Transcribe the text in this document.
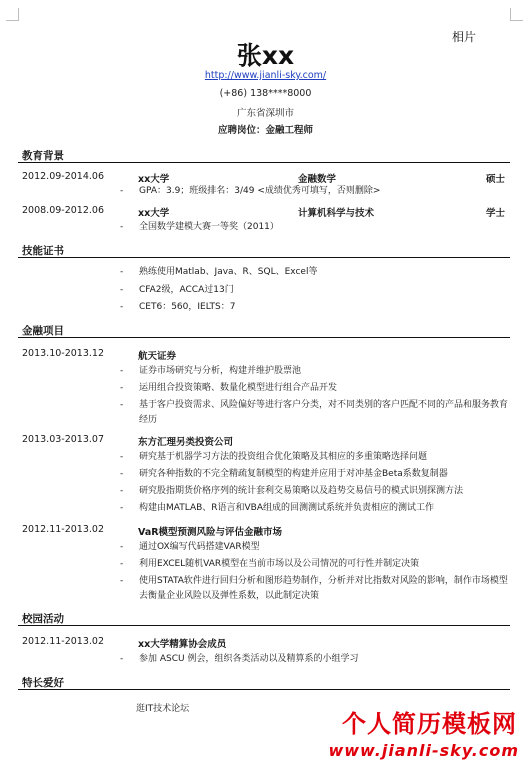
相片
张xx
http://www.jianli-sky.com/
(+86) 138****8000
广东省深圳市
应聘岗位：金融工程师
教育背景
2012.09-2014.06	xx大学	金融数学	硕士
-	GPA：3.9；班级排名：3/49 <成绩优秀可填写，否则删除>
2008.09-2012.06	xx大学	计算机科学与技术	学士
-	全国数学建模大赛一等奖（2011）
技能证书
-	熟练使用Matlab、Java、R、SQL、Excel等
-	CFA2级，ACCA过13门
-	CET6：560，IELTS：7
金融项目
2013.10-2013.12	航天证券
-	证券市场研究与分析，构建并维护股票池
-	运用组合投资策略、数量化模型进行组合产品开发
-	基于客户投资需求、风险偏好等进行客户分类，对不同类别的客户匹配不同的产品和服务教育经历
2013.03-2013.07	东方汇理另类投资公司
-	研究基于机器学习方法的投资组合优化策略及其相应的多重策略选择问题
-	研究各种指数的不完全精疏复制模型的构建并应用于对冲基金Beta系数复制器
-	研究股指期货价格序列的统计套利交易策略以及趋势交易信号的模式识别探测方法
-	构建由MATLAB、R语言和VBA组成的回测测试系统并负责相应的测试工作
2012.11-2013.02	VaR模型预测风险与评估金融市场
-	通过OX编写代码搭建VAR模型
-	利用EXCEL随机VAR模型在当前市场以及公司情况的可行性并制定决策
-	使用STATA软件进行回归分析和图形趋势制作，分析并对比指数对风险的影响，制作市场模型去衡量企业风险以及弹性系数，以此制定决策
校园活动
2012.11-2013.02	xx大学精算协会成员
-	参加 ASCU 例会，组织各类活动以及精算系的小组学习
特长爱好
逛IT技术论坛
个人简历模板网
www.jianli-sky.com
